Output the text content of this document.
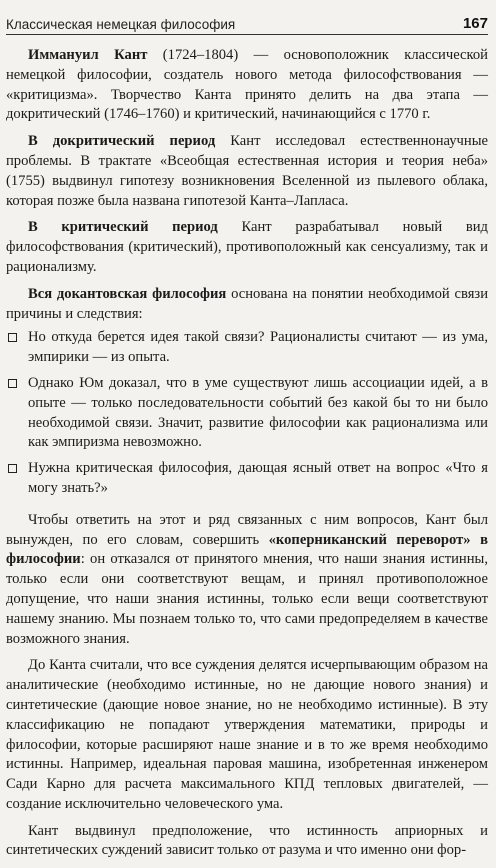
Классическая немецкая философия	167

Иммануил Кант (1724–1804) — основоположник классической немецкой философии, создатель нового метода философствования — «критицизма». Творчество Канта принято делить на два этапа — докритический (1746–1760) и критический, начинающийся с 1770 г.

В докритический период Кант исследовал естественнонаучные проблемы. В трактате «Всеобщая естественная история и теория неба» (1755) выдвинул гипотезу возникновения Вселенной из пылевого облака, которая позже была названа гипотезой Канта–Лапласа.

В критический период Кант разрабатывал новый вид философствования (критический), противоположный как сенсуализму, так и рационализму.

Вся докантовская философия основана на понятии необходимой связи причины и следствия:

Но откуда берется идея такой связи? Рационалисты считают — из ума, эмпирики — из опыта.
Однако Юм доказал, что в уме существуют лишь ассоциации идей, а в опыте — только последовательности событий без какой бы то ни было необходимой связи. Значит, развитие философии как рационализма или как эмпиризма невозможно.
Нужна критическая философия, дающая ясный ответ на вопрос «Что я могу знать?»

Чтобы ответить на этот и ряд связанных с ним вопросов, Кант был вынужден, по его словам, совершить «коперниканский переворот» в философии: он отказался от принятого мнения, что наши знания истинны, только если они соответствуют вещам, и принял противоположное допущение, что наши знания истинны, только если вещи соответствуют нашему знанию. Мы познаем только то, что сами предопределяем в качестве возможного знания.

До Канта считали, что все суждения делятся исчерпывающим образом на аналитические (необходимо истинные, но не дающие нового знания) и синтетические (дающие новое знание, но не необходимо истинные). В эту классификацию не попадают утверждения математики, природы и философии, которые расширяют наше знание и в то же время необходимо истинны. Например, идеальная паровая машина, изобретенная инженером Сади Карно для расчета максимального КПД тепловых двигателей, — создание исключительно человеческого ума.

Кант выдвинул предположение, что истинность априорных и синтетических суждений зависит только от разума и что именно они фор-
